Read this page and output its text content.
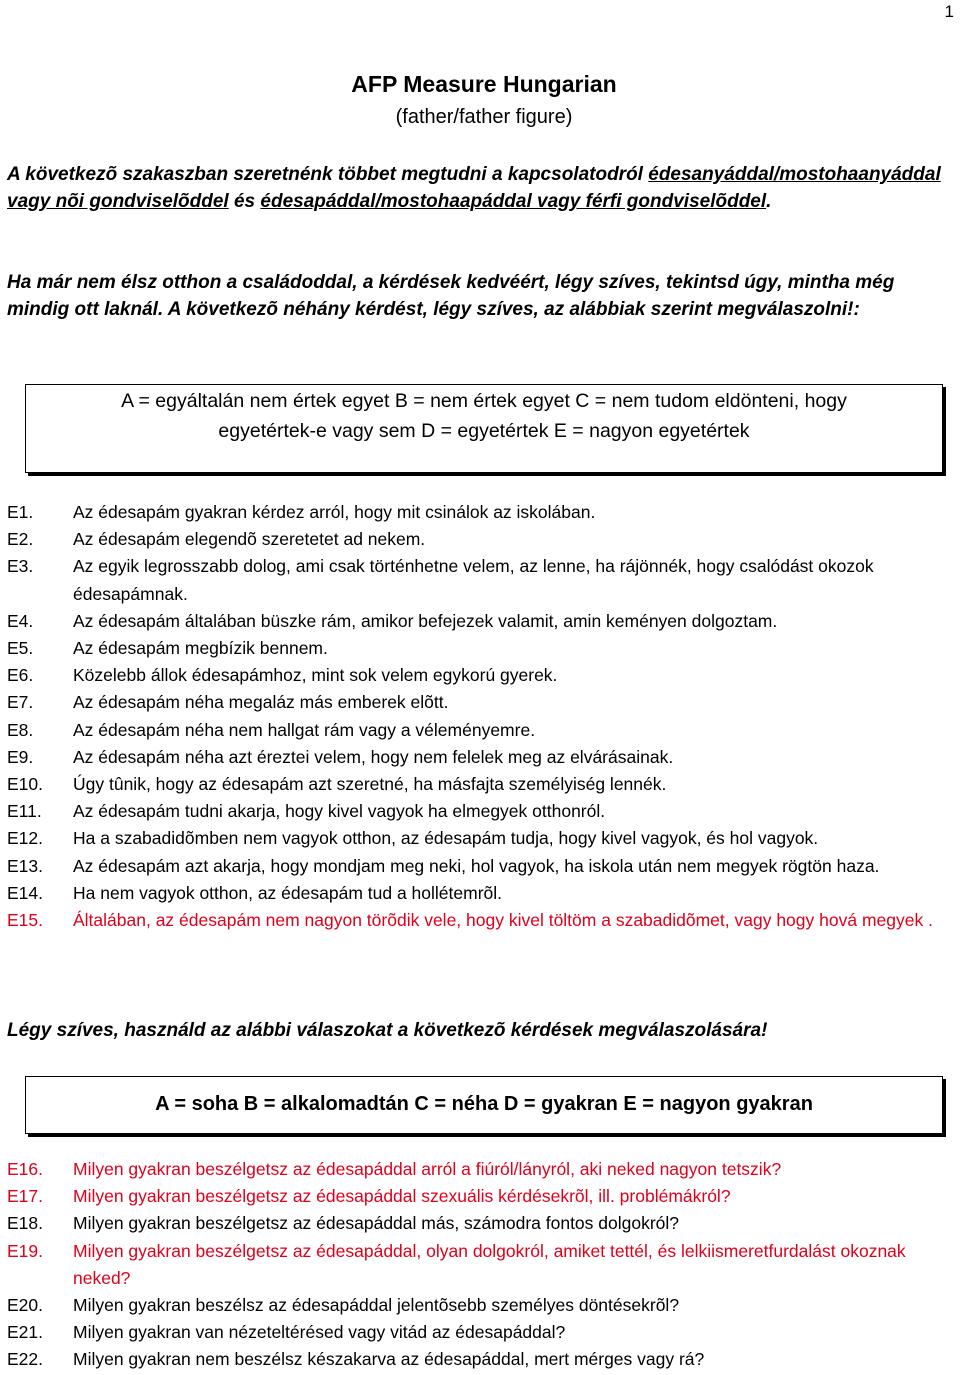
1
AFP Measure Hungarian
(father/father figure)

A következõ szakaszban szeretnénk többet megtudni a kapcsolatodról édesanyáddal/mostohaanyáddal vagy nõi gondviselõddel és édesapáddal/mostohaapáddal vagy férfi gondviselõddel.

Ha már nem élsz otthon a családoddal, a kérdések kedvéért, légy szíves, tekintsd úgy, mintha még mindig ott laknál. A következõ néhány kérdést, légy szíves, az alábbiak szerint megválaszolni!:

A = egyáltalán nem értek egyet B = nem értek egyet C = nem tudom eldönteni, hogy
egyetértek-e vagy sem D = egyetértek E = nagyon egyetértek
E1.	Az édesapám gyakran kérdez arról, hogy mit csinálok az iskolában.
E2.	Az édesapám elegendõ szeretetet ad nekem.
E3.	Az egyik legrosszabb dolog, ami csak történhetne velem, az lenne, ha rájönnék, hogy csalódást okozok édesapámnak.
E4.	Az édesapám általában büszke rám, amikor befejezek valamit, amin keményen dolgoztam.
E5.	Az édesapám megbízik bennem.
E6.	Közelebb állok édesapámhoz, mint sok velem egykorú gyerek.
E7.	Az édesapám néha megaláz más emberek elõtt.
E8.	Az édesapám néha nem hallgat rám vagy a véleményemre.
E9.	Az édesapám néha azt éreztei velem, hogy nem felelek meg az elvárásainak.
E10.	Úgy tûnik, hogy az édesapám azt szeretné, ha másfajta személyiség lennék.
E11.	Az édesapám tudni akarja, hogy kivel vagyok ha elmegyek otthonról.
E12.	Ha a szabadidõmben nem vagyok otthon, az édesapám tudja, hogy kivel vagyok, és hol vagyok.
E13.	Az édesapám azt akarja, hogy mondjam meg neki, hol vagyok, ha iskola után nem megyek rögtön haza.
E14.	Ha nem vagyok otthon, az édesapám tud a hollétemrõl.
E15.	Általában, az édesapám nem nagyon törõdik vele, hogy kivel töltöm a szabadidõmet, vagy hogy hová megyek .

Légy szíves, használd az alábbi válaszokat a következõ kérdések megválaszolására!

A = soha B = alkalomadtán C = néha D = gyakran E = nagyon gyakran
E16.	Milyen gyakran beszélgetsz az édesapáddal arról a fiúról/lányról, aki neked nagyon tetszik?
E17.	Milyen gyakran beszélgetsz az édesapáddal szexuális kérdésekrõl, ill. problémákról?
E18.	Milyen gyakran beszélgetsz az édesapáddal más, számodra fontos dolgokról?
E19.	Milyen gyakran beszélgetsz az édesapáddal, olyan dolgokról, amiket tettél, és lelkiismeretfurdalást okoznak neked?
E20.	Milyen gyakran beszélsz az édesapáddal jelentõsebb személyes döntésekrõl?
E21.	Milyen gyakran van nézeteltérésed vagy vitád az édesapáddal?
E22.	Milyen gyakran nem beszélsz készakarva az édesapáddal, mert mérges vagy rá?
